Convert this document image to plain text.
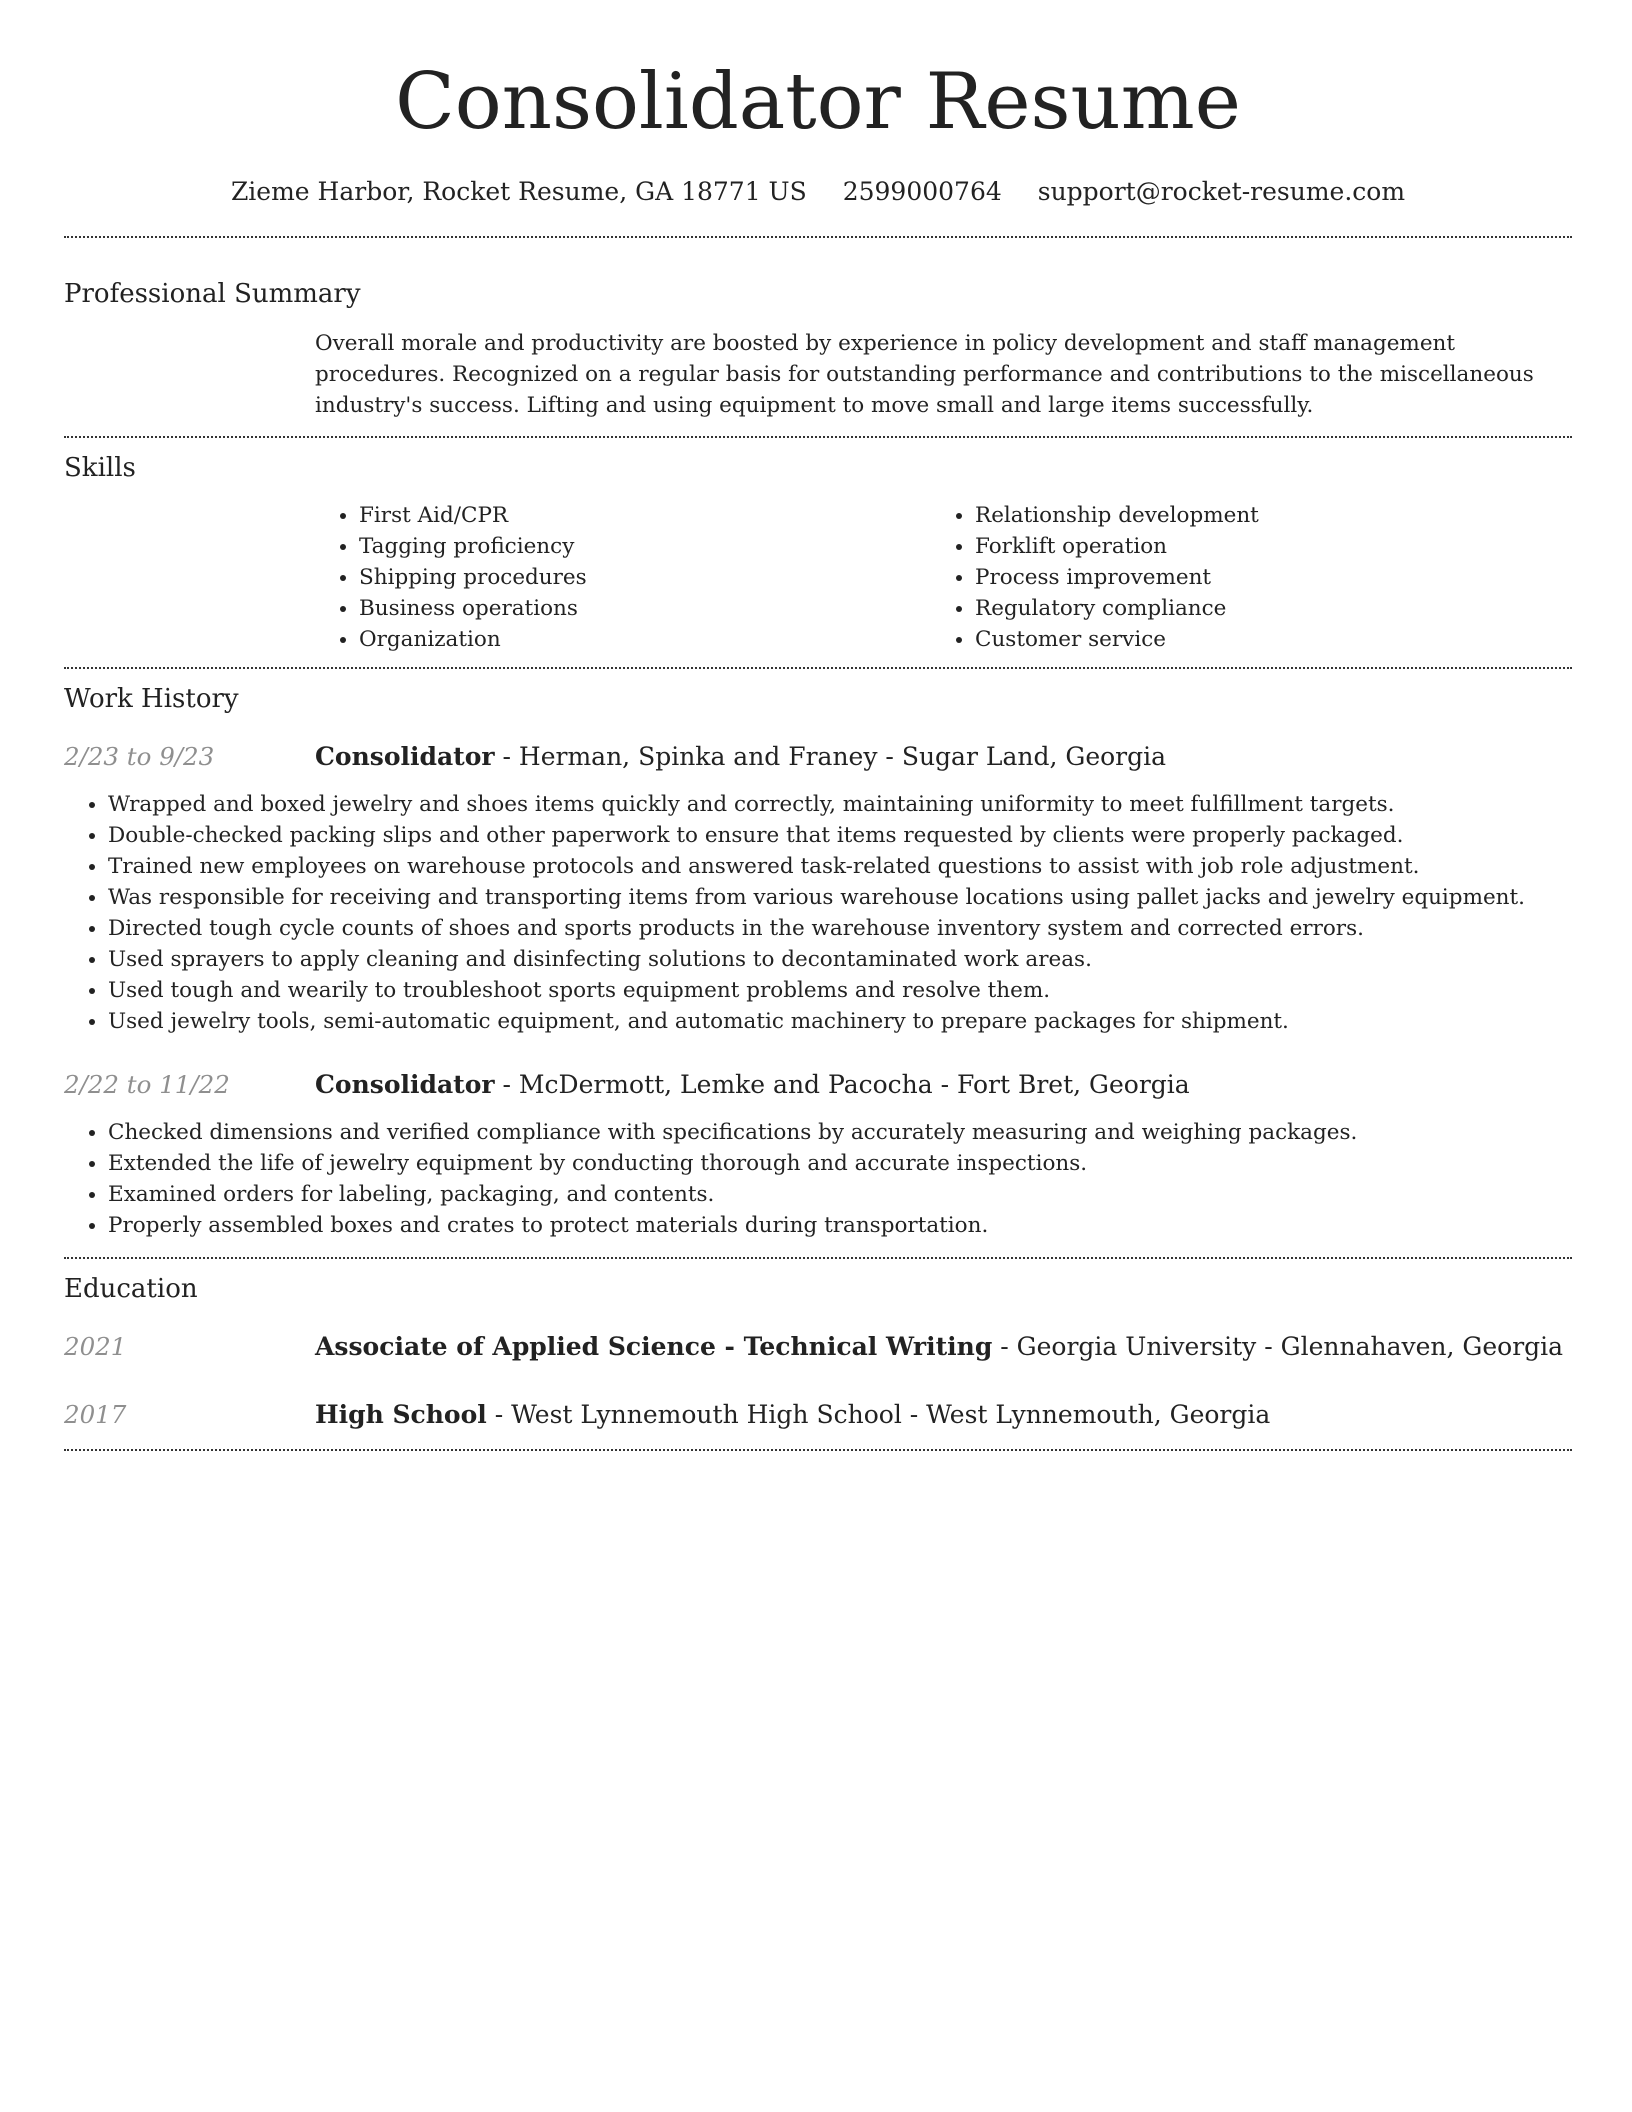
Consolidator Resume
Zieme Harbor, Rocket Resume, GA 18771 US 2599000764 support@rocket-resume.com
Professional Summary
Overall morale and productivity are boosted by experience in policy development and staff management procedures. Recognized on a regular basis for outstanding performance and contributions to the miscellaneous industry's success. Lifting and using equipment to move small and large items successfully.
Skills
• First Aid/CPR
• Tagging proficiency
• Shipping procedures
• Business operations
• Organization
• Relationship development
• Forklift operation
• Process improvement
• Regulatory compliance
• Customer service
Work History
2/23 to 9/23	Consolidator - Herman, Spinka and Franey - Sugar Land, Georgia
• Wrapped and boxed jewelry and shoes items quickly and correctly, maintaining uniformity to meet fulfillment targets.
• Double-checked packing slips and other paperwork to ensure that items requested by clients were properly packaged.
• Trained new employees on warehouse protocols and answered task-related questions to assist with job role adjustment.
• Was responsible for receiving and transporting items from various warehouse locations using pallet jacks and jewelry equipment.
• Directed tough cycle counts of shoes and sports products in the warehouse inventory system and corrected errors.
• Used sprayers to apply cleaning and disinfecting solutions to decontaminated work areas.
• Used tough and wearily to troubleshoot sports equipment problems and resolve them.
• Used jewelry tools, semi-automatic equipment, and automatic machinery to prepare packages for shipment.
2/22 to 11/22	Consolidator - McDermott, Lemke and Pacocha - Fort Bret, Georgia
• Checked dimensions and verified compliance with specifications by accurately measuring and weighing packages.
• Extended the life of jewelry equipment by conducting thorough and accurate inspections.
• Examined orders for labeling, packaging, and contents.
• Properly assembled boxes and crates to protect materials during transportation.
Education
2021	Associate of Applied Science - Technical Writing - Georgia University - Glennahaven, Georgia
2017	High School - West Lynnemouth High School - West Lynnemouth, Georgia
